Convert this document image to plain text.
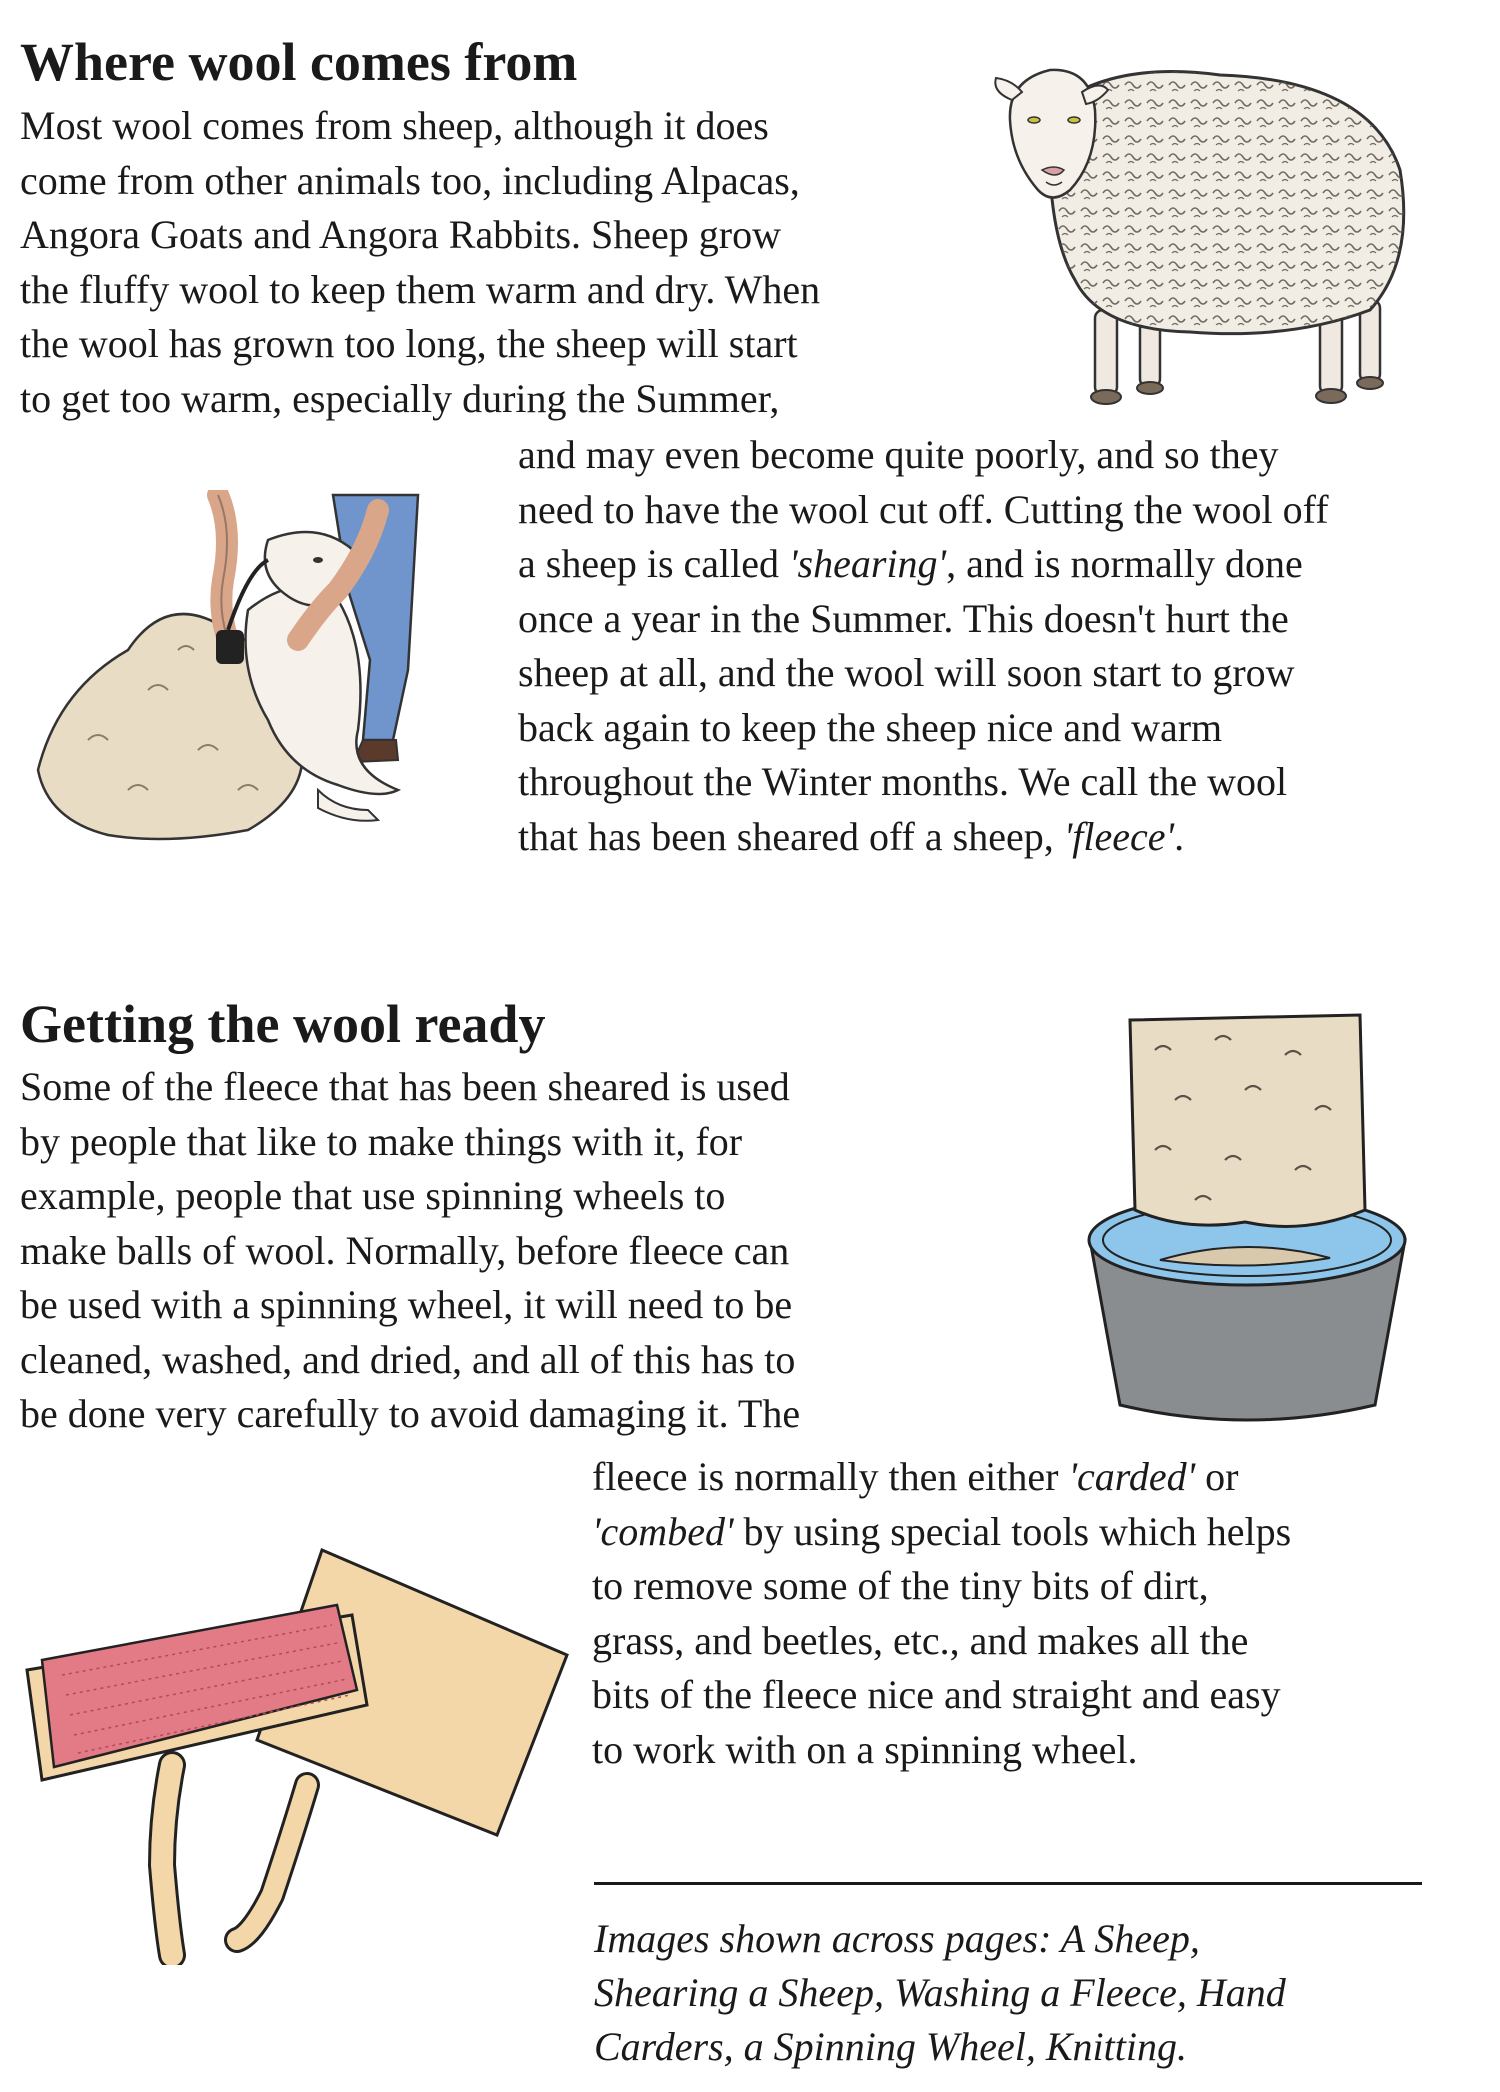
Where wool comes from
Most wool comes from sheep, although it does
come from other animals too, including Alpacas,
Angora Goats and Angora Rabbits. Sheep grow
the fluffy wool to keep them warm and dry. When
the wool has grown too long, the sheep will start
to get too warm, especially during the Summer,
and may even become quite poorly, and so they
need to have the wool cut off. Cutting the wool off
a sheep is called 'shearing', and is normally done
once a year in the Summer. This doesn't hurt the
sheep at all, and the wool will soon start to grow
back again to keep the sheep nice and warm
throughout the Winter months. We call the wool
that has been sheared off a sheep, 'fleece'.
Getting the wool ready
Some of the fleece that has been sheared is used
by people that like to make things with it, for
example, people that use spinning wheels to
make balls of wool. Normally, before fleece can
be used with a spinning wheel, it will need to be
cleaned, washed, and dried, and all of this has to
be done very carefully to avoid damaging it. The
fleece is normally then either 'carded' or
'combed' by using special tools which helps
to remove some of the tiny bits of dirt,
grass, and beetles, etc., and makes all the
bits of the fleece nice and straight and easy
to work with on a spinning wheel.
Images shown across pages: A Sheep,
Shearing a Sheep, Washing a Fleece, Hand
Carders, a Spinning Wheel, Knitting.
